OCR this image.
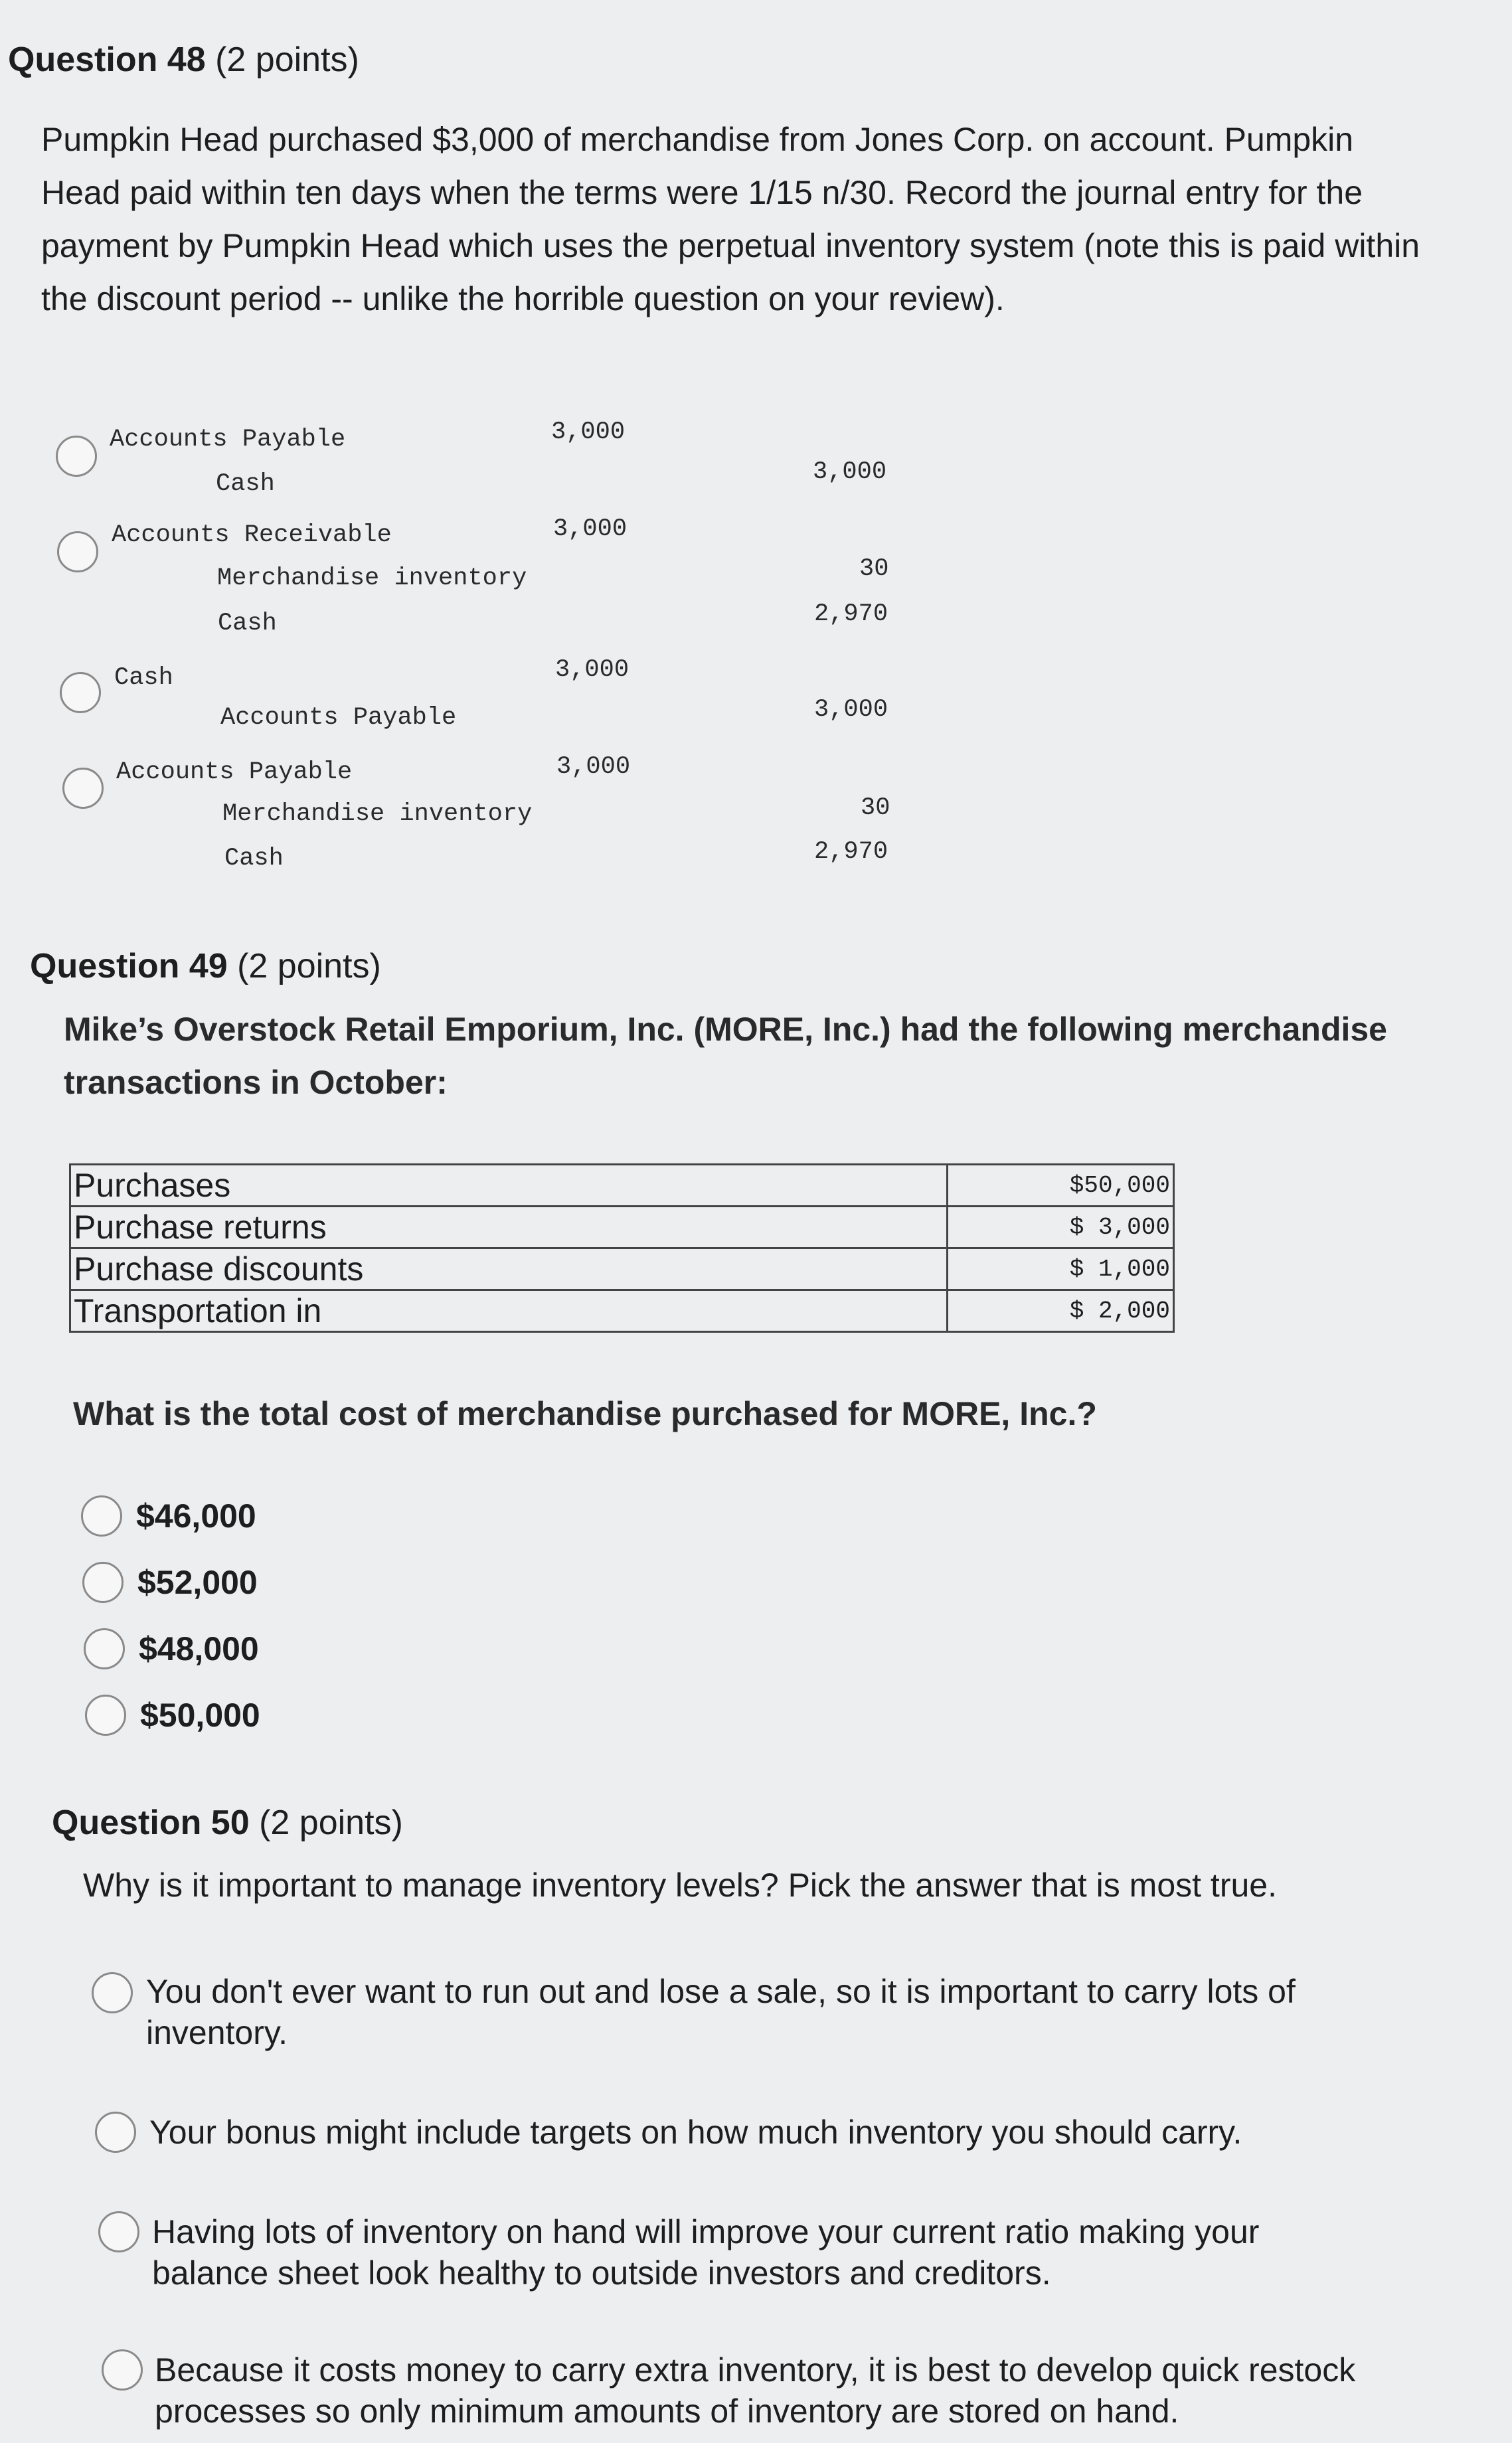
Question 48 (2 points)
Pumpkin Head purchased $3,000 of merchandise from Jones Corp. on account. Pumpkin Head paid within ten days when the terms were 1/15 n/30. Record the journal entry for the payment by Pumpkin Head which uses the perpetual inventory system (note this is paid within the discount period -- unlike the horrible question on your review).
Accounts Payable	3,000
Cash	3,000
Accounts Receivable	3,000
Merchandise inventory	30
Cash	2,970
Cash	3,000
Accounts Payable	3,000
Accounts Payable	3,000
Merchandise inventory	30
Cash	2,970
Question 49 (2 points)
Mike’s Overstock Retail Emporium, Inc. (MORE, Inc.) had the following merchandise transactions in October:
Purchases	$50,000
Purchase returns	$ 3,000
Purchase discounts	$ 1,000
Transportation in	$ 2,000
What is the total cost of merchandise purchased for MORE, Inc.?
$46,000
$52,000
$48,000
$50,000
Question 50 (2 points)
Why is it important to manage inventory levels? Pick the answer that is most true.
You don't ever want to run out and lose a sale, so it is important to carry lots of inventory.
Your bonus might include targets on how much inventory you should carry.
Having lots of inventory on hand will improve your current ratio making your balance sheet look healthy to outside investors and creditors.
Because it costs money to carry extra inventory, it is best to develop quick restock processes so only minimum amounts of inventory are stored on hand.
